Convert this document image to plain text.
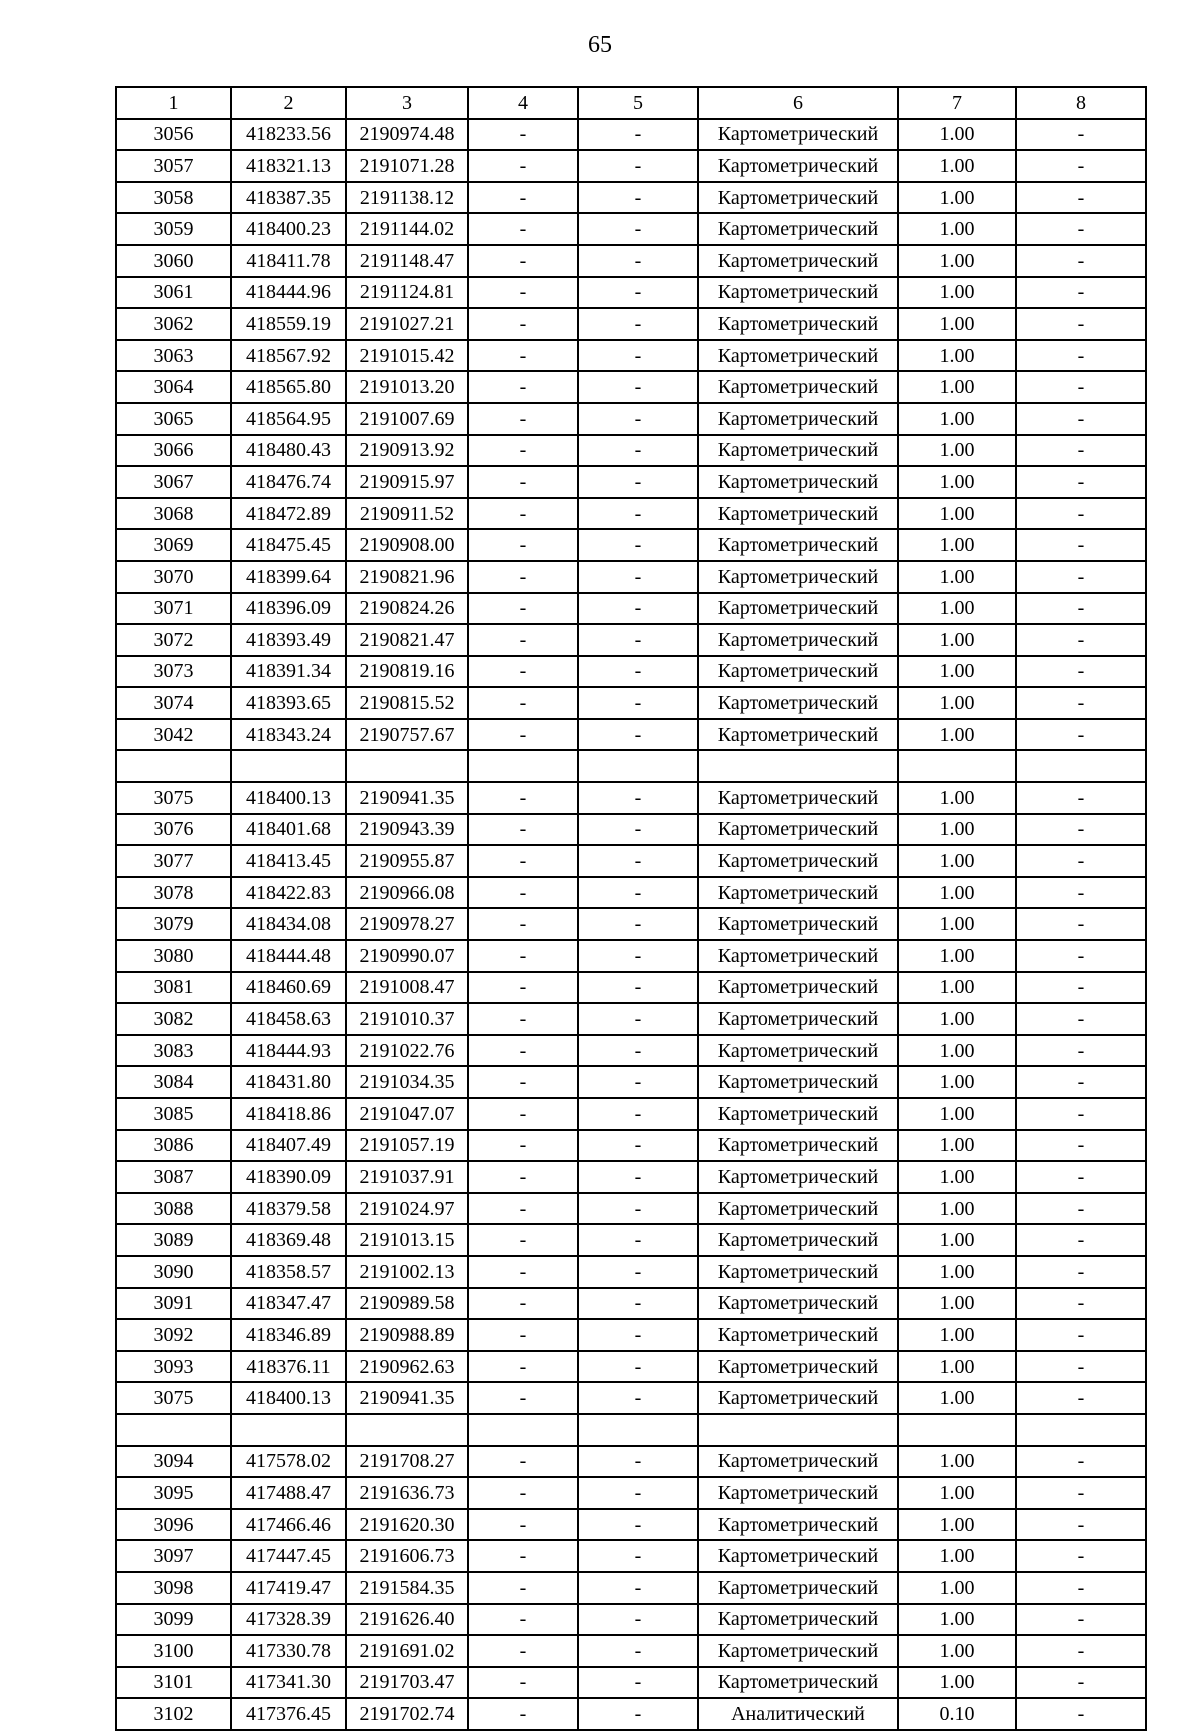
65
1	2	3	4	5	6	7	8
3056	418233.56	2190974.48	-	-	Картометрический	1.00	-
3057	418321.13	2191071.28	-	-	Картометрический	1.00	-
3058	418387.35	2191138.12	-	-	Картометрический	1.00	-
3059	418400.23	2191144.02	-	-	Картометрический	1.00	-
3060	418411.78	2191148.47	-	-	Картометрический	1.00	-
3061	418444.96	2191124.81	-	-	Картометрический	1.00	-
3062	418559.19	2191027.21	-	-	Картометрический	1.00	-
3063	418567.92	2191015.42	-	-	Картометрический	1.00	-
3064	418565.80	2191013.20	-	-	Картометрический	1.00	-
3065	418564.95	2191007.69	-	-	Картометрический	1.00	-
3066	418480.43	2190913.92	-	-	Картометрический	1.00	-
3067	418476.74	2190915.97	-	-	Картометрический	1.00	-
3068	418472.89	2190911.52	-	-	Картометрический	1.00	-
3069	418475.45	2190908.00	-	-	Картометрический	1.00	-
3070	418399.64	2190821.96	-	-	Картометрический	1.00	-
3071	418396.09	2190824.26	-	-	Картометрический	1.00	-
3072	418393.49	2190821.47	-	-	Картометрический	1.00	-
3073	418391.34	2190819.16	-	-	Картометрический	1.00	-
3074	418393.65	2190815.52	-	-	Картометрический	1.00	-
3042	418343.24	2190757.67	-	-	Картометрический	1.00	-

3075	418400.13	2190941.35	-	-	Картометрический	1.00	-
3076	418401.68	2190943.39	-	-	Картометрический	1.00	-
3077	418413.45	2190955.87	-	-	Картометрический	1.00	-
3078	418422.83	2190966.08	-	-	Картометрический	1.00	-
3079	418434.08	2190978.27	-	-	Картометрический	1.00	-
3080	418444.48	2190990.07	-	-	Картометрический	1.00	-
3081	418460.69	2191008.47	-	-	Картометрический	1.00	-
3082	418458.63	2191010.37	-	-	Картометрический	1.00	-
3083	418444.93	2191022.76	-	-	Картометрический	1.00	-
3084	418431.80	2191034.35	-	-	Картометрический	1.00	-
3085	418418.86	2191047.07	-	-	Картометрический	1.00	-
3086	418407.49	2191057.19	-	-	Картометрический	1.00	-
3087	418390.09	2191037.91	-	-	Картометрический	1.00	-
3088	418379.58	2191024.97	-	-	Картометрический	1.00	-
3089	418369.48	2191013.15	-	-	Картометрический	1.00	-
3090	418358.57	2191002.13	-	-	Картометрический	1.00	-
3091	418347.47	2190989.58	-	-	Картометрический	1.00	-
3092	418346.89	2190988.89	-	-	Картометрический	1.00	-
3093	418376.11	2190962.63	-	-	Картометрический	1.00	-
3075	418400.13	2190941.35	-	-	Картометрический	1.00	-

3094	417578.02	2191708.27	-	-	Картометрический	1.00	-
3095	417488.47	2191636.73	-	-	Картометрический	1.00	-
3096	417466.46	2191620.30	-	-	Картометрический	1.00	-
3097	417447.45	2191606.73	-	-	Картометрический	1.00	-
3098	417419.47	2191584.35	-	-	Картометрический	1.00	-
3099	417328.39	2191626.40	-	-	Картометрический	1.00	-
3100	417330.78	2191691.02	-	-	Картометрический	1.00	-
3101	417341.30	2191703.47	-	-	Картометрический	1.00	-
3102	417376.45	2191702.74	-	-	Аналитический	0.10	-
